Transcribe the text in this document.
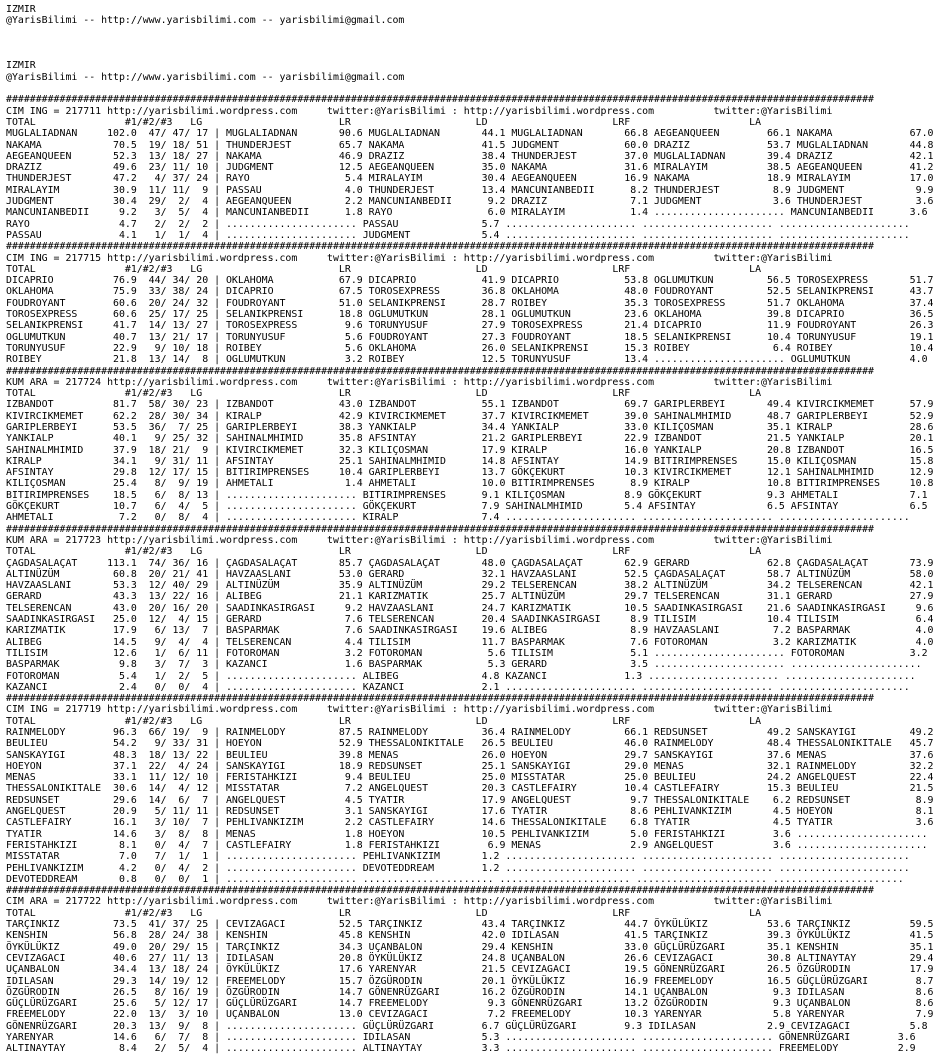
IZMIR
@YarisBilimi -- http://www.yarisbilimi.com -- yarisbilimi@gmail.com

IZMIR
@YarisBilimi -- http://www.yarisbilimi.com -- yarisbilimi@gmail.com

##################################################################################################################################################
CIM ING = 217711 http://yarisbilimi.wordpress.com     twitter:@YarisBilimi : http://yarisbilimi.wordpress.com          twitter:@YarisBilimi
TOTAL               #1/#2/#3   LG                       LR                     LD                     LRF                    LA
MUGLALIADNAN     102.0  47/ 47/ 17 | MUGLALIADNAN       90.6 MUGLALIADNAN       44.1 MUGLALIADNAN       66.8 AEGEANQUEEN        66.1 NAKAMA             67.0
NAKAMA            70.5  19/ 18/ 51 | THUNDERJEST        65.7 NAKAMA             41.5 JUDGMENT           60.0 DRAZIZ             53.7 MUGLALIADNAN       44.8
AEGEANQUEEN       52.3  13/ 18/ 27 | NAKAMA             46.9 DRAZIZ             38.4 THUNDERJEST        37.0 MUGLALIADNAN       39.4 DRAZIZ             42.1
DRAZIZ            49.6  23/ 11/ 10 | JUDGMENT           12.5 AEGEANQUEEN        35.0 NAKAMA             31.6 MIRALAYIM          38.5 AEGEANQUEEN        41.2
THUNDERJEST       47.2   4/ 37/ 24 | RAYO                5.4 MIRALAYIM          30.4 AEGEANQUEEN        16.9 NAKAMA             18.9 MIRALAYIM          17.0
MIRALAYIM         30.9  11/ 11/  9 | PASSAU              4.0 THUNDERJEST        13.4 MANCUNIANBEDII      8.2 THUNDERJEST         8.9 JUDGMENT            9.9
JUDGMENT          30.4  29/  2/  4 | AEGEANQUEEN         2.2 MANCUNIANBEDII      9.2 DRAZIZ              7.1 JUDGMENT            3.6 THUNDERJEST         3.6
MANCUNIANBEDII     9.2   3/  5/  4 | MANCUNIANBEDII      1.8 RAYO                6.0 MIRALAYIM           1.4 ...................... MANCUNIANBEDII      3.6
RAYO               4.7   2/  2/  2 | ...................... PASSAU              5.7 ...................... ...................... ......................
PASSAU             4.1   1/  1/  4 | ...................... JUDGMENT            5.4 ...................... ...................... ......................
##################################################################################################################################################
CIM ING = 217715 http://yarisbilimi.wordpress.com     twitter:@YarisBilimi : http://yarisbilimi.wordpress.com          twitter:@YarisBilimi
TOTAL               #1/#2/#3   LG                       LR                     LD                     LRF                    LA
DICAPRIO          76.9  44/ 34/ 20 | OKLAHOMA           67.9 DICAPRIO           41.9 DICAPRIO           53.8 OGLUMUTKUN         56.5 TOROSEXPRESS       51.7
OKLAHOMA          75.9  33/ 38/ 24 | DICAPRIO           67.5 TOROSEXPRESS       36.8 OKLAHOMA           48.0 FOUDROYANT         52.5 SELANIKPRENSI      43.7
FOUDROYANT        60.6  20/ 24/ 32 | FOUDROYANT         51.0 SELANIKPRENSI      28.7 ROIBEY             35.3 TOROSEXPRESS       51.7 OKLAHOMA           37.4
TOROSEXPRESS      60.6  25/ 17/ 25 | SELANIKPRENSI      18.8 OGLUMUTKUN         28.1 OGLUMUTKUN         23.6 OKLAHOMA           39.8 DICAPRIO           36.5
SELANIKPRENSI     41.7  14/ 13/ 27 | TOROSEXPRESS        9.6 TORUNYUSUF         27.9 TOROSEXPRESS       21.4 DICAPRIO           11.9 FOUDROYANT         26.3
OGLUMUTKUN        40.7  13/ 21/ 17 | TORUNYUSUF          5.6 FOUDROYANT         27.3 FOUDROYANT         18.5 SELANIKPRENSI      10.4 TORUNYUSUF         19.1
TORUNYUSUF        22.9   9/ 10/ 18 | ROIBEY              5.6 OKLAHOMA           26.0 SELANIKPRENSI      15.3 ROIBEY              6.4 ROIBEY             10.4
ROIBEY            21.8  13/ 14/  8 | OGLUMUTKUN          3.2 ROIBEY             12.5 TORUNYUSUF         13.4 ...................... OGLUMUTKUN          4.0
##################################################################################################################################################
KUM ARA = 217724 http://yarisbilimi.wordpress.com     twitter:@YarisBilimi : http://yarisbilimi.wordpress.com          twitter:@YarisBilimi
TOTAL               #1/#2/#3   LG                       LR                     LD                     LRF                    LA
IZBANDOT          81.7  58/ 30/ 23 | IZBANDOT           43.0 IZBANDOT           55.1 IZBANDOT           69.7 GARIPLERBEYI       49.4 KIVIRCIKMEMET      57.9
KIVIRCIKMEMET     62.2  28/ 30/ 34 | KIRALP             42.9 KIVIRCIKMEMET      37.7 KIVIRCIKMEMET      39.0 SAHINALMHIMID      48.7 GARIPLERBEYI       52.9
GARIPLERBEYI      53.5  36/  7/ 25 | GARIPLERBEYI       38.3 YANKIALP           34.4 YANKIALP           33.0 KILIÇOSMAN         35.1 KIRALP             28.6
YANKIALP          40.1   9/ 25/ 32 | SAHINALMHIMID      35.8 AFSINTAY           21.2 GARIPLERBEYI       22.9 IZBANDOT           21.5 YANKIALP           20.1
SAHINALMHIMID     37.9  18/ 21/  9 | KIVIRCIKMEMET      32.3 KILIÇOSMAN         17.9 KIRALP             16.0 YANKIALP           20.8 IZBANDOT           16.5
KIRALP            34.1   9/ 31/ 11 | AFSINTAY           25.1 SAHINALMHIMID      14.8 AFSINTAY           14.9 BITIRIMPRENSES     15.0 KILIÇOSMAN         15.8
AFSINTAY          29.8  12/ 17/ 15 | BITIRIMPRENSES     10.4 GARIPLERBEYI       13.7 GÖKÇEKURT          10.3 KIVIRCIKMEMET      12.1 SAHINALMHIMID      12.9
KILIÇOSMAN        25.4   8/  9/ 19 | AHMETALI            1.4 AHMETALI           10.0 BITIRIMPRENSES      8.9 KIRALP             10.8 BITIRIMPRENSES     10.8
BITIRIMPRENSES    18.5   6/  8/ 13 | ...................... BITIRIMPRENSES      9.1 KILIÇOSMAN          8.9 GÖKÇEKURT           9.3 AHMETALI            7.1
GÖKÇEKURT         10.7   6/  4/  5 | ...................... GÖKÇEKURT           7.9 SAHINALMHIMID       5.4 AFSINTAY            6.5 AFSINTAY            6.5
AHMETALI           7.2   0/  8/  4 | ...................... KIRALP              7.4 ...................... ...................... ......................
##################################################################################################################################################
KUM ARA = 217723 http://yarisbilimi.wordpress.com     twitter:@YarisBilimi : http://yarisbilimi.wordpress.com          twitter:@YarisBilimi
TOTAL               #1/#2/#3   LG                       LR                     LD                     LRF                    LA
ÇAGDASALAÇAT     113.1  74/ 36/ 16 | ÇAGDASALAÇAT       85.7 ÇAGDASALAÇAT       48.0 ÇAGDASALAÇAT       62.9 GERARD             62.8 ÇAGDASALAÇAT       73.9
ALTINÜZÜM         60.8  20/ 21/ 41 | HAVZAASLANI        53.0 GERARD             32.1 HAVZAASLANI        52.5 ÇAGDASALAÇAT       58.7 ALTINÜZÜM          58.0
HAVZAASLANI       53.3  12/ 40/ 29 | ALTINÜZÜM          35.9 ALTINÜZÜM          29.2 TELSERENCAN        38.2 ALTINÜZÜM          34.2 TELSERENCAN        42.1
GERARD            43.3  13/ 22/ 16 | ALIBEG             21.1 KARIZMATIK         25.7 ALTINÜZÜM          29.7 TELSERENCAN        31.1 GERARD             27.9
TELSERENCAN       43.0  20/ 16/ 20 | SAADINKASIRGASI     9.2 HAVZAASLANI        24.7 KARIZMATIK         10.5 SAADINKASIRGASI    21.6 SAADINKASIRGASI     9.6
SAADINKASIRGASI   25.0  12/  4/ 15 | GERARD              7.6 TELSERENCAN        20.4 SAADINKASIRGASI     8.9 TILISIM            10.4 TILISIM             6.4
KARIZMATIK        17.9   6/ 13/  7 | BASPARMAK           7.6 SAADINKASIRGASI    19.6 ALIBEG              8.9 HAVZAASLANI         7.2 BASPARMAK           4.0
ALIBEG            14.5   9/  4/  4 | TELSERENCAN         4.4 TILISIM            11.7 BASPARMAK           7.6 FOTOROMAN           3.2 KARIZMATIK          4.0
TILISIM           12.6   1/  6/ 11 | FOTOROMAN           3.2 FOTOROMAN           5.6 TILISIM             5.1 ...................... FOTOROMAN           3.2
BASPARMAK          9.8   3/  7/  3 | KAZANCI             1.6 BASPARMAK           5.3 GERARD              3.5 ...................... ......................
FOTOROMAN          5.4   1/  2/  5 | ...................... ALIBEG              4.8 KAZANCI             1.3 ...................... ......................
KAZANCI            2.4   0/  0/  4 | ...................... KAZANCI             2.1 ...................... ...................... ......................
##################################################################################################################################################
CIM ING = 217719 http://yarisbilimi.wordpress.com     twitter:@YarisBilimi : http://yarisbilimi.wordpress.com          twitter:@YarisBilimi
TOTAL               #1/#2/#3   LG                       LR                     LD                     LRF                    LA
RAINMELODY        96.3  66/ 19/  9 | RAINMELODY         87.5 RAINMELODY         36.4 RAINMELODY         66.1 REDSUNSET          49.2 SANSKAYIGI         49.2
BEULIEU           54.2   9/ 33/ 31 | HOEYON             52.9 THESSALONIKITALE   26.5 BEULIEU            46.0 RAINMELODY         48.4 THESSALONIKITALE   45.7
SANSKAYIGI        48.3  18/ 13/ 22 | BEULIEU            39.8 MENAS              26.0 HOEYON             29.7 SANSKAYIGI         37.6 MENAS              37.6
HOEYON            37.1  22/  4/ 24 | SANSKAYIGI         18.9 REDSUNSET          25.1 SANSKAYIGI         29.0 MENAS              32.1 RAINMELODY         32.2
MENAS             33.1  11/ 12/ 10 | FERISTAHKIZI        9.4 BEULIEU            25.0 MISSTATAR          25.0 BEULIEU            24.2 ANGELQUEST         22.4
THESSALONIKITALE  30.6  14/  4/ 12 | MISSTATAR           7.2 ANGELQUEST         20.3 CASTLEFAIRY        10.4 CASTLEFAIRY        15.3 BEULIEU            21.5
REDSUNSET         29.6  14/  6/  7 | ANGELQUEST          4.5 TYATIR             17.9 ANGELQUEST          9.7 THESSALONIKITALE    6.2 REDSUNSET           8.9
ANGELQUEST        20.9   5/ 11/ 11 | REDSUNSET           3.1 SANSKAYIGI         17.6 TYATIR              8.6 PEHLIVANKIZIM       4.5 HOEYON              8.1
CASTLEFAIRY       16.1   3/ 10/  7 | PEHLIVANKIZIM       2.2 CASTLEFAIRY        14.6 THESSALONIKITALE    6.8 TYATIR              4.5 TYATIR              3.6
TYATIR            14.6   3/  8/  8 | MENAS               1.8 HOEYON             10.5 PEHLIVANKIZIM       5.0 FERISTAHKIZI        3.6 ......................
FERISTAHKIZI       8.1   0/  4/  7 | CASTLEFAIRY         1.8 FERISTAHKIZI        6.9 MENAS               2.9 ANGELQUEST          3.6 ......................
MISSTATAR          7.0   7/  1/  1 | ...................... PEHLIVANKIZIM       1.2 ...................... ...................... ......................
PEHLIVANKIZIM      4.2   0/  4/  2 | ...................... DEVOTEDDREAM        1.2 ...................... ...................... ......................
DEVOTEDDREAM       0.8   0/  0/  1 | ...................... ...................... ...................... ...................... ......................
##################################################################################################################################################
CIM ARA = 217722 http://yarisbilimi.wordpress.com     twitter:@YarisBilimi : http://yarisbilimi.wordpress.com          twitter:@YarisBilimi
TOTAL               #1/#2/#3   LG                       LR                     LD                     LRF                    LA
TARÇINKIZ         73.5  41/ 37/ 25 | CEVIZAGACI         52.5 TARÇINKIZ          43.4 TARÇINKIZ          44.7 ÖYKÜLÜKIZ          53.6 TARÇINKIZ          59.5
KENSHIN           56.8  28/ 24/ 38 | KENSHIN            45.8 KENSHIN            42.0 IDILASAN           41.5 TARÇINKIZ          39.3 ÖYKÜLÜKIZ          41.5
ÖYKÜLÜKIZ         49.0  20/ 29/ 15 | TARÇINKIZ          34.3 UÇANBALON          29.4 KENSHIN            33.0 GÜÇLÜRÜZGARI       35.1 KENSHIN            35.1
CEVIZAGACI        40.6  27/ 11/ 13 | IDILASAN           20.8 ÖYKÜLÜKIZ          24.8 UÇANBALON          26.6 CEVIZAGACI         30.8 ALTINAYTAY         29.4
UÇANBALON         34.4  13/ 18/ 24 | ÖYKÜLÜKIZ          17.6 YARENYAR           21.5 CEVIZAGACI         19.5 GÖNENRÜZGARI       26.5 ÖZGÜRODIN          17.9
IDILASAN          29.3  14/ 19/ 12 | FREEMELODY         15.7 ÖZGÜRODIN          20.1 ÖYKÜLÜKIZ          16.9 FREEMELODY         16.5 GÜÇLÜRÜZGARI        8.7
ÖZGÜRODIN         26.5   8/ 16/ 19 | ÖZGÜRODIN          14.7 GÖNENRÜZGARI       16.2 ÖZGÜRODIN          14.1 UÇANBALON           9.3 IDILASAN            8.6
GÜÇLÜRÜZGARI      25.6   5/ 12/ 17 | GÜÇLÜRÜZGARI       14.7 FREEMELODY          9.3 GÖNENRÜZGARI       13.2 ÖZGÜRODIN           9.3 UÇANBALON           8.6
FREEMELODY        22.0  13/  3/ 10 | UÇANBALON          13.0 CEVIZAGACI          7.2 FREEMELODY         10.3 YARENYAR            5.8 YARENYAR            7.9
GÖNENRÜZGARI      20.3  13/  9/  8 | ...................... GÜÇLÜRÜZGARI        6.7 GÜÇLÜRÜZGARI        9.3 IDILASAN            2.9 CEVIZAGACI          5.8
YARENYAR          14.6   6/  7/  8 | ...................... IDILASAN            5.3 ...................... ...................... GÖNENRÜZGARI        3.6
ALTINAYTAY         8.4   2/  5/  4 | ...................... ALTINAYTAY          3.3 ...................... ...................... FREEMELODY          2.9
